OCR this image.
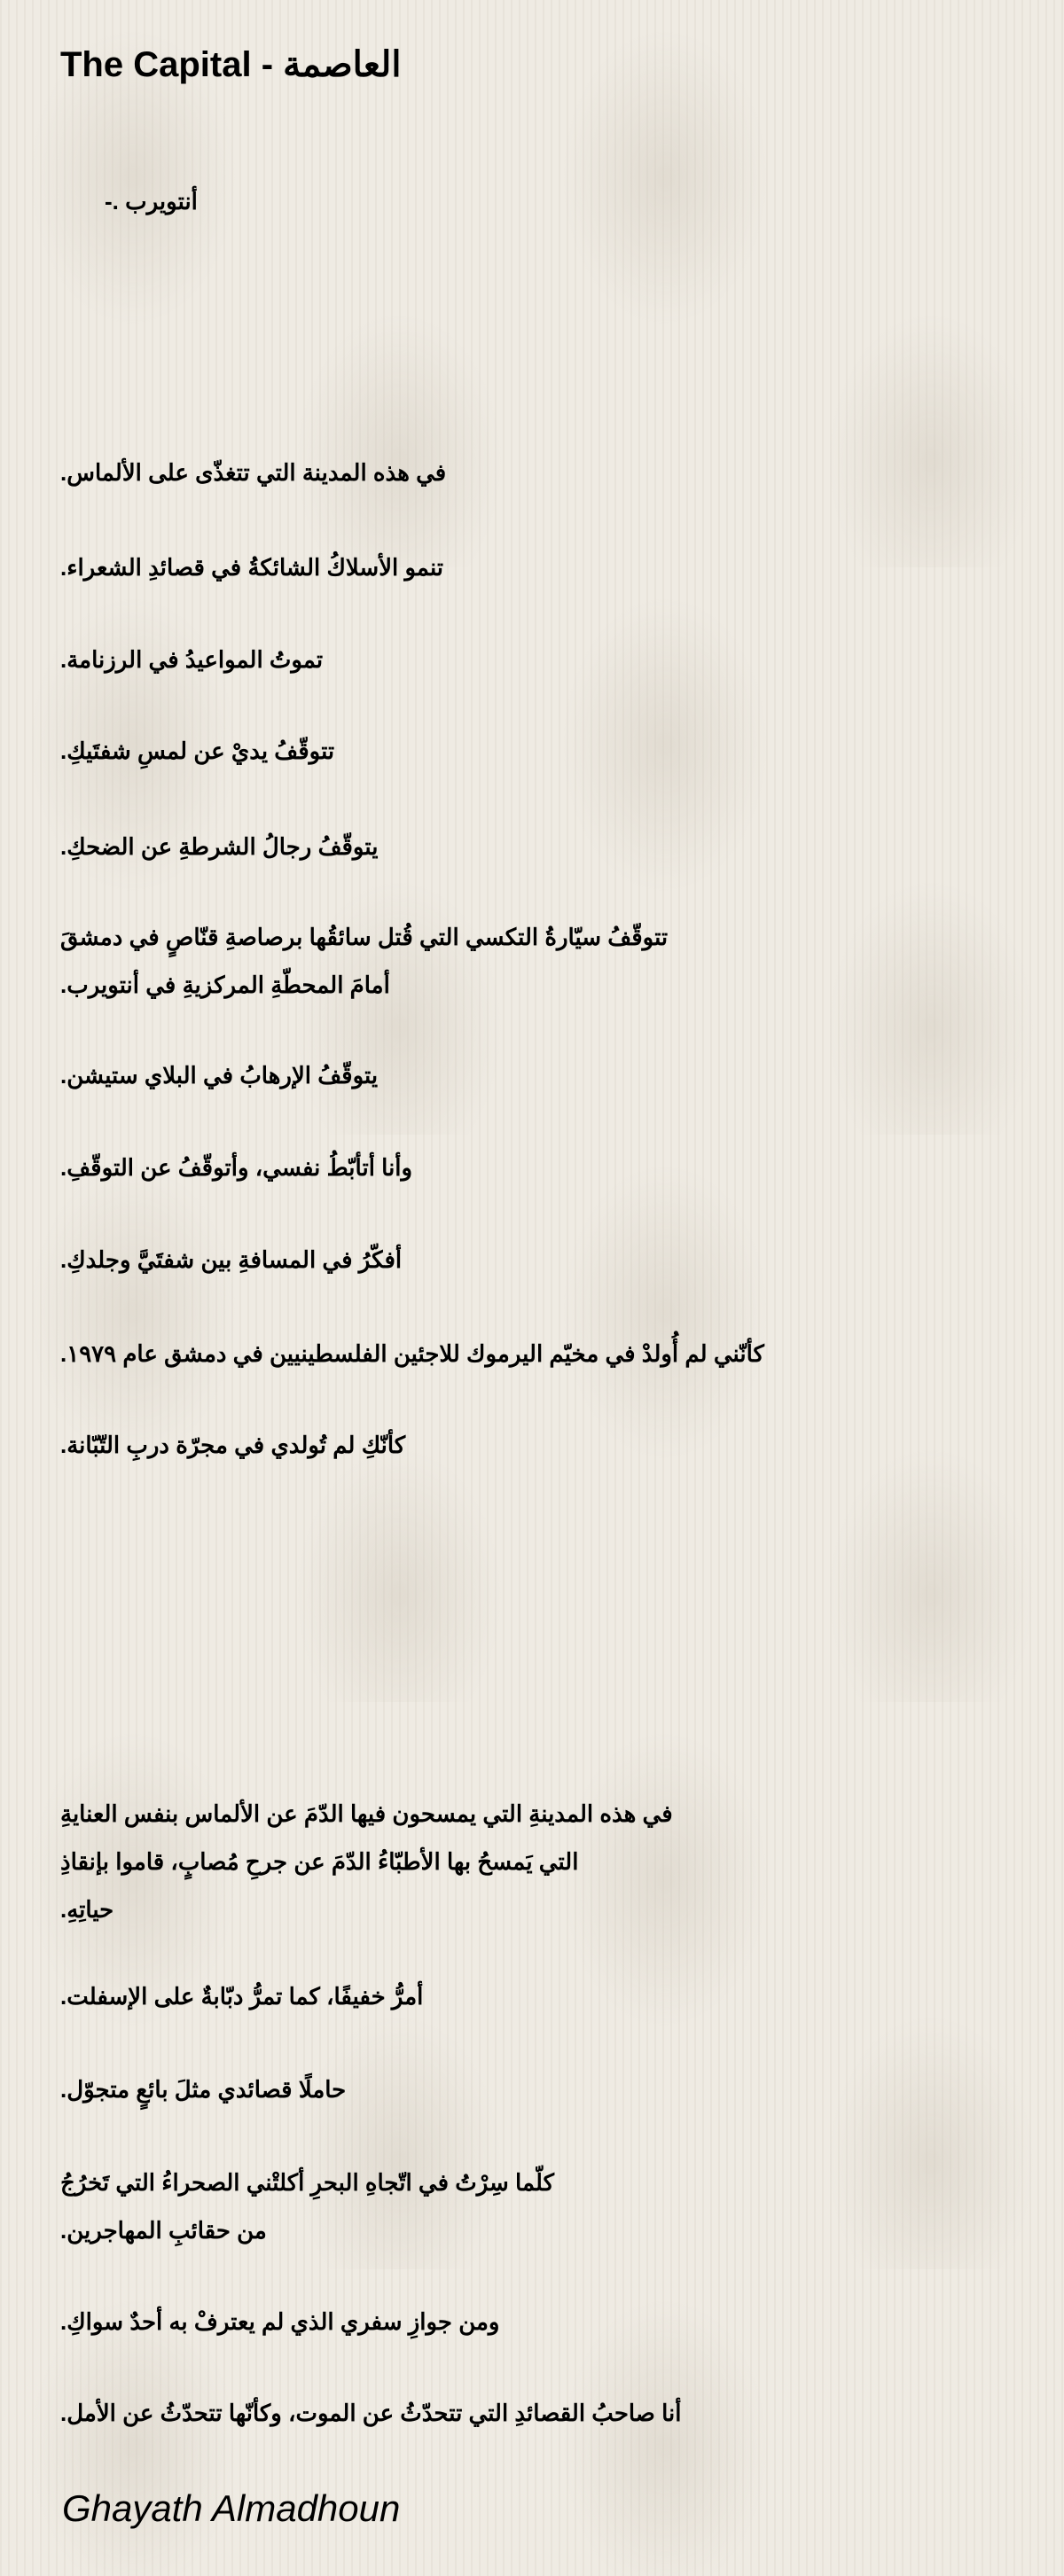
العاصمة - The Capital
-. أنتويرب
في هذه المدينة التي تتغذّى على الألماس.
تنمو الأسلاكُ الشائكةُ في قصائدِ الشعراء.
تموتُ المواعيدُ في الرزنامة.
تتوقّفُ يديْ عن لمسِ شفتَيكِ.
يتوقّفُ رجالُ الشرطةِ عن الضحكِ.
تتوقّفُ سيّارةُ التكسي التي قُتل سائقُها برصاصةِ قنّاصٍ في دمشقَ
أمامَ المحطّةِ المركزيةِ في أنتويرب.
يتوقّفُ الإرهابُ في البلاي ستيشن.
وأنا أتأبّطُ نفسي، وأتوقّفُ عن التوقّفِ.
أفكّرُ في المسافةِ بين شفتَيَّ وجلدكِ.
كأنّني لم أُولدْ في مخيّم اليرموك للاجئين الفلسطينيين في دمشق عام ١٩٧٩.
كأنّكِ لم تُولدي في مجرّة دربِ التّبّانة.
في هذه المدينةِ التي يمسحون فيها الدّمَ عن الألماس بنفس العنايةِ
التي يَمسحُ بها الأطبّاءُ الدّمَ عن جرحِ مُصابٍ، قاموا بإنقاذِ
حياتِهِ.
أمرُّ خفيفًا، كما تمرُّ دبّابةٌ على الإسفلت.
حاملًا قصائدي مثلَ بائعٍ متجوّل.
كلّما سِرْتُ في اتّجاهِ البحرِ أكلتْني الصحراءُ التي تَخرُجُ
من حقائبِ المهاجرين.
ومن جوازِ سفري الذي لم يعترفْ به أحدٌ سواكِ.
أنا صاحبُ القصائدِ التي تتحدّثُ عن الموت، وكأنّها تتحدّثُ عن الأمل.
Ghayath Almadhoun
